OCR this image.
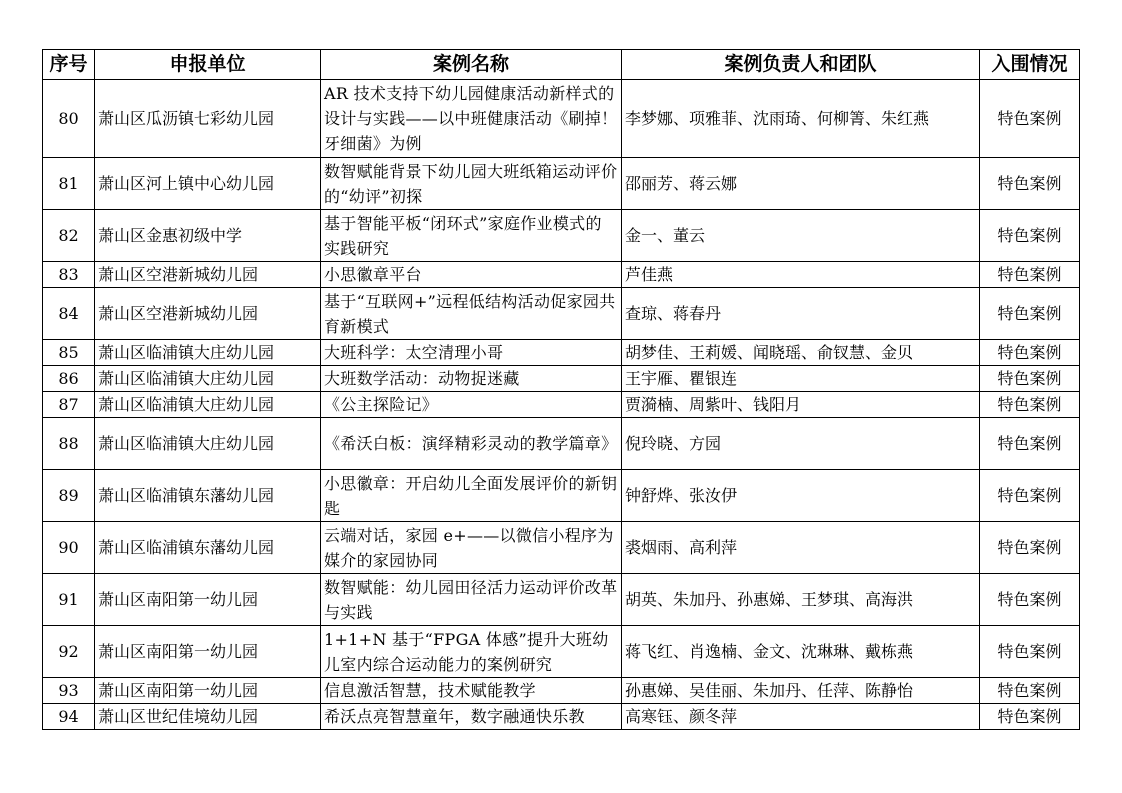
序号	申报单位	案例名称	案例负责人和团队	入围情况
80	萧山区瓜沥镇七彩幼儿园	AR 技术支持下幼儿园健康活动新样式的设计与实践——以中班健康活动《刷掉！牙细菌》为例	李梦娜、项雅菲、沈雨琦、何柳箐、朱红燕	特色案例
81	萧山区河上镇中心幼儿园	数智赋能背景下幼儿园大班纸箱运动评价的“幼评”初探	邵丽芳、蒋云娜	特色案例
82	萧山区金惠初级中学	基于智能平板“闭环式”家庭作业模式的实践研究	金一、董云	特色案例
83	萧山区空港新城幼儿园	小思徽章平台	芦佳燕	特色案例
84	萧山区空港新城幼儿园	基于“互联网+”远程低结构活动促家园共育新模式	查琼、蒋春丹	特色案例
85	萧山区临浦镇大庄幼儿园	大班科学：太空清理小哥	胡梦佳、王莉媛、闻晓瑶、俞钗慧、金贝	特色案例
86	萧山区临浦镇大庄幼儿园	大班数学活动：动物捉迷藏	王宇雁、瞿银连	特色案例
87	萧山区临浦镇大庄幼儿园	《公主探险记》	贾漪楠、周紫叶、钱阳月	特色案例
88	萧山区临浦镇大庄幼儿园	《希沃白板：演绎精彩灵动的教学篇章》	倪玲晓、方园	特色案例
89	萧山区临浦镇东藩幼儿园	小思徽章：开启幼儿全面发展评价的新钥匙	钟舒烨、张汝伊	特色案例
90	萧山区临浦镇东藩幼儿园	云端对话，家园 e+——以微信小程序为媒介的家园协同	裘烟雨、高利萍	特色案例
91	萧山区南阳第一幼儿园	数智赋能：幼儿园田径活力运动评价改革与实践	胡英、朱加丹、孙惠娣、王梦琪、高海洪	特色案例
92	萧山区南阳第一幼儿园	1+1+N 基于“FPGA 体感”提升大班幼儿室内综合运动能力的案例研究	蒋飞红、肖逸楠、金文、沈琳琳、戴栋燕	特色案例
93	萧山区南阳第一幼儿园	信息激活智慧，技术赋能教学	孙惠娣、吴佳丽、朱加丹、任萍、陈静怡	特色案例
94	萧山区世纪佳境幼儿园	希沃点亮智慧童年，数字融通快乐教	高寒钰、颜冬萍	特色案例
